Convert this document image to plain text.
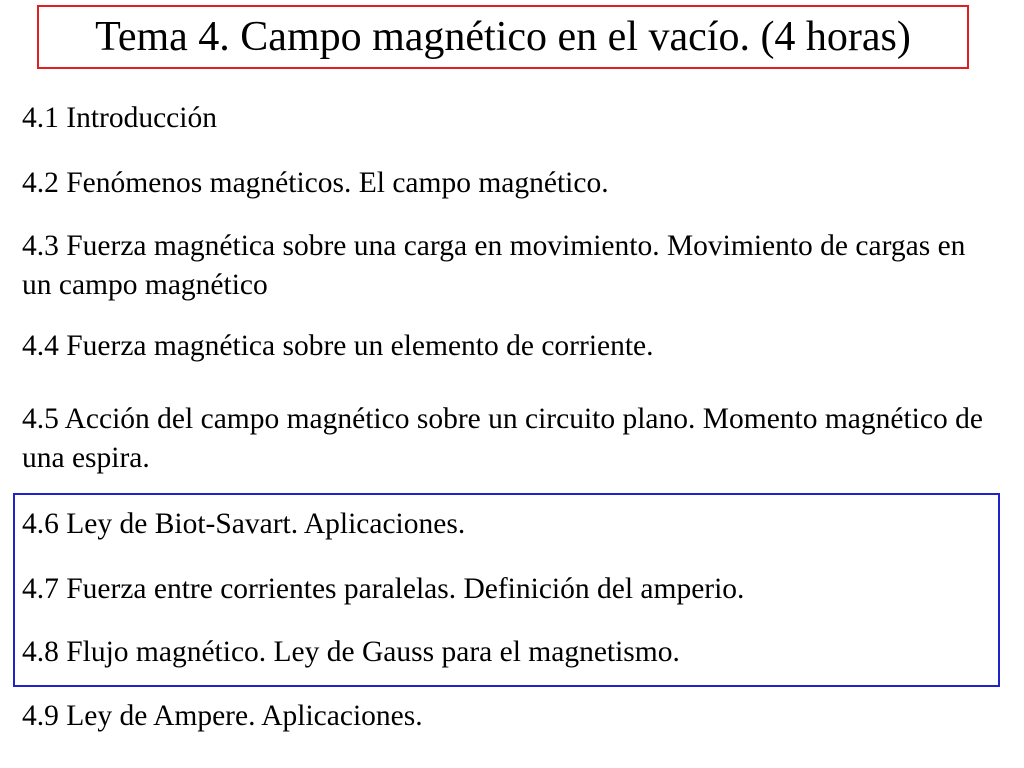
Tema 4. Campo magnético en el vacío. (4 horas)

4.1 Introducción

4.2 Fenómenos magnéticos. El campo magnético.

4.3 Fuerza magnética sobre una carga en movimiento. Movimiento de cargas en un campo magnético

4.4 Fuerza magnética sobre un elemento de corriente.

4.5 Acción del campo magnético sobre un circuito plano. Momento magnético de una espira.

4.6 Ley de Biot-Savart. Aplicaciones.

4.7 Fuerza entre corrientes paralelas. Definición del amperio.

4.8 Flujo magnético. Ley de Gauss para el magnetismo.

4.9 Ley de Ampere. Aplicaciones.
